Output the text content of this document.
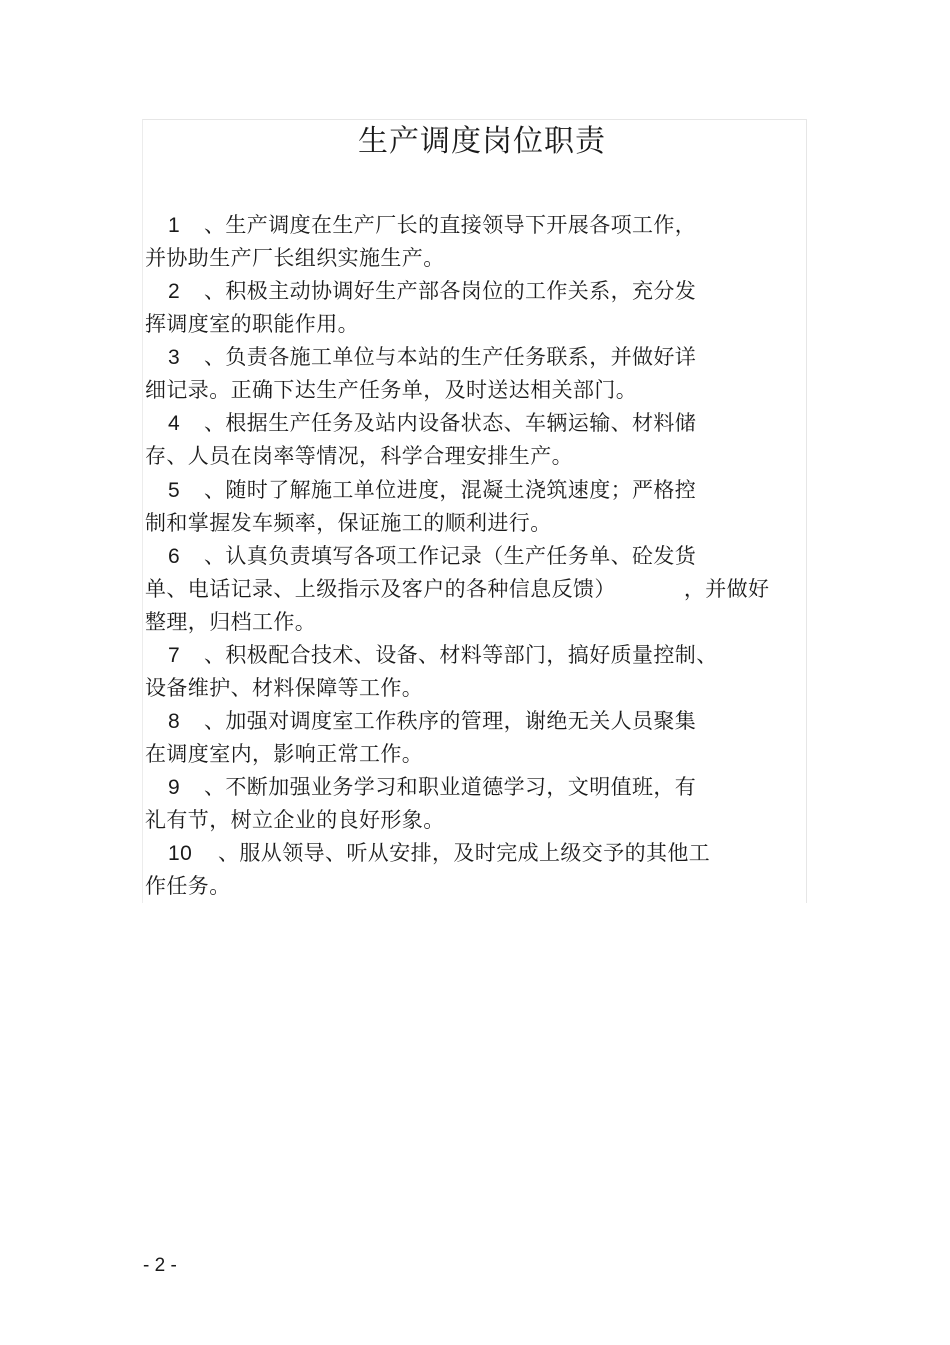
生产调度岗位职责
1 、生产调度在生产厂长的直接领导下开展各项工作，
并协助生产厂长组织实施生产。
2 、积极主动协调好生产部各岗位的工作关系，充分发
挥调度室的职能作用。
3 、负责各施工单位与本站的生产任务联系，并做好详
细记录。正确下达生产任务单，及时送达相关部门。
4 、根据生产任务及站内设备状态、车辆运输、材料储
存、人员在岗率等情况，科学合理安排生产。
5 、随时了解施工单位进度，混凝土浇筑速度；严格控
制和掌握发车频率，保证施工的顺利进行。
6 、认真负责填写各项工作记录（生产任务单、砼发货
单、电话记录、上级指示及客户的各种信息反馈）	，并做好
整理，归档工作。
7 、积极配合技术、设备、材料等部门，搞好质量控制、
设备维护、材料保障等工作。
8 、加强对调度室工作秩序的管理，谢绝无关人员聚集
在调度室内，影响正常工作。
9 、不断加强业务学习和职业道德学习，文明值班，有
礼有节，树立企业的良好形象。
10 、服从领导、听从安排，及时完成上级交予的其他工
作任务。
- 2 -
